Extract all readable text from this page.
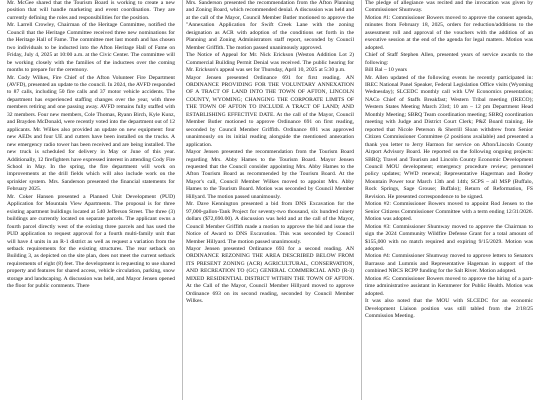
Mr. McGee shared that the Tourism Board is working to create a new position that will handle marketing and event coordination. They are currently defining the roles and responsibilities for the position.

Mr. Larrell Crowley, Chairman of the Heritage Committee, notified the Council that the Heritage Committee received three new nominations for the Heritage Hall of Fame. The committee met last month and has chosen two individuals to be inducted into the Afton Heritage Hall of Fame on Friday, July 4, 2025 at 10:00 a.m. at the Civic Center. The committee will be working closely with the families of the inductees over the coming months to prepare for the ceremony.

Mr. Cody Wilkes, Fire Chief of the Afton Volunteer Fire Department (AVFD), presented an update to the council. In 2024, the AVFD responded to 87 calls, including 50 fire calls and 37 motor vehicle accidents. The department has experienced staffing changes over the year, with three members retiring and one passing away. AVFD remains fully staffed with 32 members. Four new members, Cole Thomas, Ryann Birch, Kyle Kunz, and Brayden McDonald, were recently voted into the department out of 12 applicants. Mr. Wilkes also provided an update on new equipment: four new AEDs and four UE and cutters have been installed on the trucks. A new emergency radio tower has been received and are being installed. The new truck is scheduled for delivery in May or June of this year. Additionally, 12 firefighters have expressed interest in attending Cody Fire School in May. In the spring, the fire department will work on improvements at the drill fields which will also include work on the sprinkler system. Mrs. Sanderson presented the financial statements for February 2025.

Mr. Coker Hansen presented a Planned Unit Development (PUD) Application for Mountain View Apartments. The proposal is for three existing apartment buildings located at 540 Jefferson Street. The three (3) buildings are currently located on separate parcels. The applicant owns a fourth parcel directly west of the existing three parcels and has used the PUD application to request approval for a fourth multi-family unit that will have 4 units in an R-1 district as well as request a variation from the setback requirements for the existing structures. The rear setback on Building 3, as depicted on the site plan, does not meet the current setback requirements of eight (8) feet. The development is requesting to use shared property and features for shared access, vehicle circulation, parking, snow storage and landscaping. A discussion was held, and Mayor Jensen opened the floor for public comments. There

Mrs. Sanderson presented the recommendation from the Afton Planning and Zoning Board, which recommended denial. A discussion was held and at the call of the Mayor, Council Member Butler motioned to approve the "Annexation Application for Swift Creek Lane with the zoning designation as ACR with adoption of the conditions set forth in the Planning and Zoning Administrators staff report, seconded by Council Member Griffith. The motion passed unanimously approved.

The Notice of Appeal for Mr. Nick Erickson (Weston Addition Lot 2) Commercial Building Permit Denial was received. The public hearing for Mr. Erickson's appeal was set for Thursday, April 10, 2025 at 5:30 p.m.

Mayor Jensen presented Ordinance 691 for first reading. AN ORDINANCE PROVIDING FOR THE VOLUNTARY ANNEXATION OF A TRACT OF LAND INTO THE TOWN OF AFTON, LINCOLN COUNTY, WYOMING; CHANGING THE CORPORATE LIMITS OF THE TOWN OF AFTON TO INCLUDE A TRACT OF LAND; AND ESTABLISHING EFFECTIVE DATE. At the call of the Mayor, Council Member Butler motioned to approve Ordinance 691 on first reading, seconded by Council Member Griffith. Ordinance 691 was approved unanimously on its initial reading alongside the mentioned annexation application.

Mayor Jensen presented the recommendation from the Tourism Board regarding Mrs. Abby Hames to the Tourism Board. Mayor Jensen requested that the Council consider appointing Mrs. Abby Hames to the Afton Tourism Board as recommended by the Tourism Board. At the Mayor's call, Council Member Wilkes moved to appoint Mrs. Abby Hames to the Tourism Board. Motion was seconded by Council Member Hillyard. The motion passed unanimously.

Mr. Dave Kennington presented a bid from DNS Excavation for the 97,000-gallon-Tank Project for seventy-two thousand, six hundred ninety dollars ($72,690.00). A discussion was held and at the call of the Mayor, Council Member Griffith made a motion to approve the bid and issue the Notice of Award to DNS Excavation. This was seconded by Council Member Hillyard. The motion passed unanimously.

Mayor Jensen presented Ordinance 693 for a second reading. AN ORDINANCE REZONING THE AREA DESCRIBED BELOW FROM ITS PRESENT ZONING (ACR) AGRICULTURAL, CONSERVATION, AND RECREATION TO (GC) GENERAL COMMERCIAL AND (R-3) MIXED RESIDENTIAL DISTRICT WITHIN THE TOWN OF AFTON. At the Call of the Mayor, Council Member Hillyard moved to approve Ordinance 693 on its second reading, seconded by Council Member Wilkes.

The pledge of allegiance was recited and the invocation was given by Commissioner Shumway.

Motion #1: Commissioner Bowers moved to approve the consent agenda, minutes from February 18, 2025, orders for reduction/additions to the assessment roll and approval of the vouchers with the addition of an executive session at the end of the agenda for legal matters. Motion was adopted.

Chief of Staff Stephen Allen, presented years of service awards to the following:

Bill Bal – 10 years

Mr. Allen updated of the following events he recently participated in: IREC National Panel Speaker, Federal Legislation Office visits (Wyoming Wednesday); SLCEDC monthly call with UW Economics presentation; NACo Chief of Staffs Breakfast; Western Tribal meeting (IRECO); Western States Meeting March 23rd; 10 am – 12 pm Department Head Monthly Meeting; SBRQ Team coordination meeting; SBRQ coordination meeting with Judge and District Court Clerk; P&Z Board training. He reported that Nicole Peterson & Sherrill Sloan withdrew from Senior Citizen Commissioner Committee (2 positions available) and presented a thank you letter to Jerry Harmon for service on Afton/Lincoln County Airport Advisory Board. He reported on the following ongoing projects: SBRQ; Travel and Tourism and Lincoln County Economic Development Council MOU development; emergency procedure review; personnel policy updates; WWD renewal; Representative Hagerman and Bodey Mountain Power tour March 13th and 14th; SCPS – all MSP (Buffalo, Rock Springs, Sage Grouse; Buffalo); Return of Reformation, FS Revision. He presented correspondence to be signed.

Motion #2: Commissioner Bowers moved to appoint Rod Jensen to the Senior Citizens Commissioner Committee with a term ending 12/31/2026. Motion was adopted.

Motion #3: Commissioner Shumway moved to approve the Chairman to sign the 2024 Community Wildfire Defense Grant for a total amount of $155,000 with no match required and expiring 9/15/2029. Motion was adopted.

Motion #4: Commissioner Shumway moved to approve letters to Senators Barrasso and Lummis and Representative Hageman in support of the combined NBCS RCPP funding for the Salt River. Motion adopted.

Motion #5: Commissioner Bowers moved to approve the hiring of a part-time administrative assistant in Kemmerer for Public Health. Motion was adopted.

It was also noted that the MOU with SLCEDC for an economic Development Liaison position was still tabled from the 2/18/25 Commission Meeting.
